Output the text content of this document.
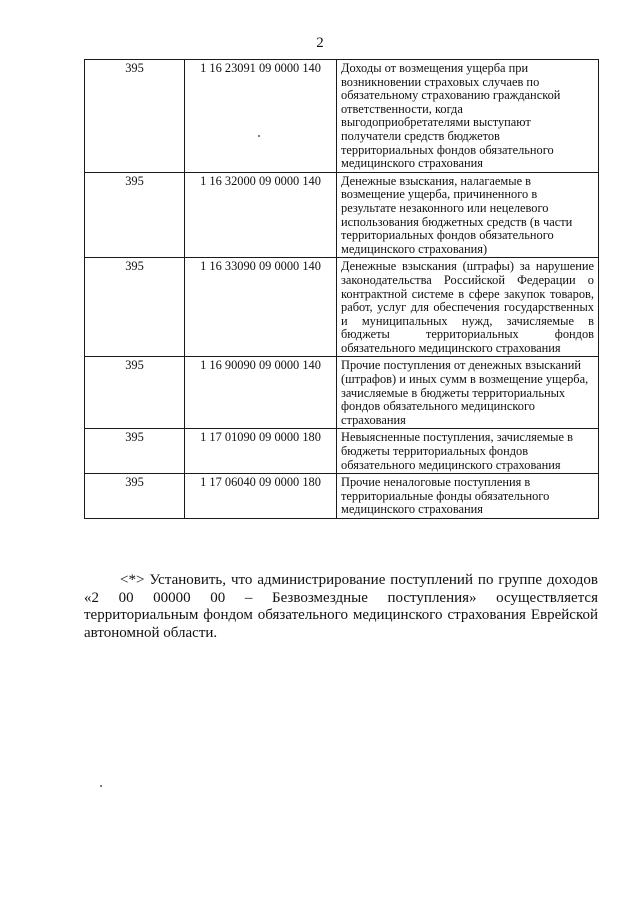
2
395	1 16 23091 09 0000 140	Доходы от возмещения ущерба при возникновении страховых случаев по обязательному страхованию гражданской ответственности, когда выгодоприобретателями выступают получатели средств бюджетов территориальных фондов обязательного медицинского страхования
395	1 16 32000 09 0000 140	Денежные взыскания, налагаемые в возмещение ущерба, причиненного в результате незаконного или нецелевого использования бюджетных средств (в части территориальных фондов обязательного медицинского страхования)
395	1 16 33090 09 0000 140	Денежные взыскания (штрафы) за нарушение законодательства Российской Федерации о контрактной системе в сфере закупок товаров, работ, услуг для обеспечения государственных и муниципальных нужд, зачисляемые в бюджеты территориальных фондов обязательного медицинского страхования
395	1 16 90090 09 0000 140	Прочие поступления от денежных взысканий (штрафов) и иных сумм в возмещение ущерба, зачисляемые в бюджеты территориальных фондов обязательного медицинского страхования
395	1 17 01090 09 0000 180	Невыясненные поступления, зачисляемые в бюджеты территориальных фондов обязательного медицинского страхования
395	1 17 06040 09 0000 180	Прочие неналоговые поступления в территориальные фонды обязательного медицинского страхования

<*> Установить, что администрирование поступлений по группе доходов «2 00 00000 00 – Безвозмездные поступления» осуществляется территориальным фондом обязательного медицинского страхования Еврейской автономной области.
